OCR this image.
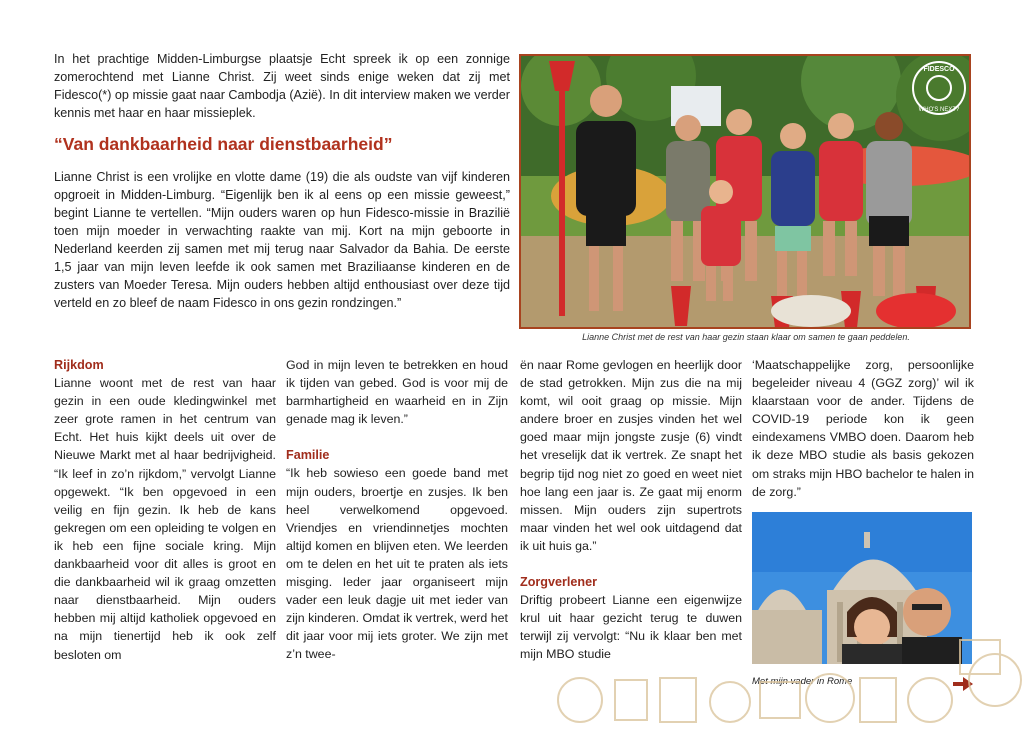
In het prachtige Midden-Limburgse plaatsje Echt spreek ik op een zonnige zomerochtend met Lianne Christ. Zij weet sinds enige weken dat zij met Fidesco(*) op missie gaat naar Cambodja (Azië). In dit interview maken we verder kennis met haar en haar missieplek.
“Van dankbaarheid naar dienstbaarheid”
Lianne Christ is een vrolijke en vlotte dame (19) die als oudste van vijf kinderen opgroeit in Midden-Limburg. “Eigenlijk ben ik al eens op een missie geweest,” begint Lianne te vertellen. “Mijn ouders waren op hun Fidesco-missie in Brazilië toen mijn moeder in verwachting raakte van mij. Kort na mijn geboorte in Nederland keerden zij samen met mij terug naar Salvador da Bahia. De eerste 1,5 jaar van mijn leven leefde ik ook samen met Braziliaanse kinderen en de zusters van Moeder Teresa. Mijn ouders hebben altijd enthousiast over deze tijd verteld en zo bleef de naam Fidesco in ons gezin rondzingen.”
FIDESCO
WHO'S NEXT?
Lianne Christ met de rest van haar gezin staan klaar om samen te gaan peddelen.
Rijkdom
Lianne woont met de rest van haar gezin in een oude kledingwinkel met zeer grote ramen in het centrum van Echt. Het huis kijkt deels uit over de Nieuwe Markt met al haar bedrijvigheid. “Ik leef in zo’n rijkdom,” vervolgt Lianne opgewekt. “Ik ben opgevoed in een veilig en fijn gezin. Ik heb de kans gekregen om een opleiding te volgen en ik heb een fijne sociale kring. Mijn dankbaarheid voor dit alles is groot en die dankbaarheid wil ik graag omzetten naar dienstbaarheid. Mijn ouders hebben mij altijd katholiek opgevoed en na mijn tienertijd heb ik ook zelf besloten om
God in mijn leven te betrekken en houd ik tijden van gebed. God is voor mij de barmhartigheid en waarheid en in Zijn genade mag ik leven.”
Familie
“Ik heb sowieso een goede band met mijn ouders, broertje en zusjes. Ik ben heel verwelkomend opgevoed. Vriendjes en vriendinnetjes mochten altijd komen en blijven eten. We leerden om te delen en het uit te praten als iets misging. Ieder jaar organiseert mijn vader een leuk dagje uit met ieder van zijn kinderen. Omdat ik vertrek, werd het dit jaar voor mij iets groter. We zijn met z’n twee-
ën naar Rome gevlogen en heerlijk door de stad getrokken. Mijn zus die na mij komt, wil ooit graag op missie. Mijn andere broer en zusjes vinden het wel goed maar mijn jongste zusje (6) vindt het vreselijk dat ik vertrek. Ze snapt het begrip tijd nog niet zo goed en weet niet hoe lang een jaar is. Ze gaat mij enorm missen. Mijn ouders zijn supertrots maar vinden het wel ook uitdagend dat ik uit huis ga.”
Zorgverlener
Driftig probeert Lianne een eigenwijze krul uit haar gezicht terug te duwen terwijl zij vervolgt: “Nu ik klaar ben met mijn MBO studie
‘Maatschappelijke zorg, persoonlijke begeleider niveau 4 (GGZ zorg)’ wil ik klaarstaan voor de ander. Tijdens de COVID-19 periode kon ik geen eindexamens VMBO doen. Daarom heb ik deze MBO studie als basis gekozen om straks mijn HBO bachelor te halen in de zorg.”
Met mijn vader in Rome
